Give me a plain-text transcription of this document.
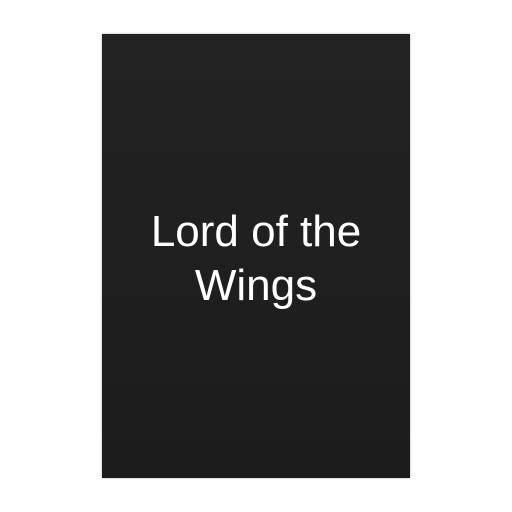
Lord of the
Wings
